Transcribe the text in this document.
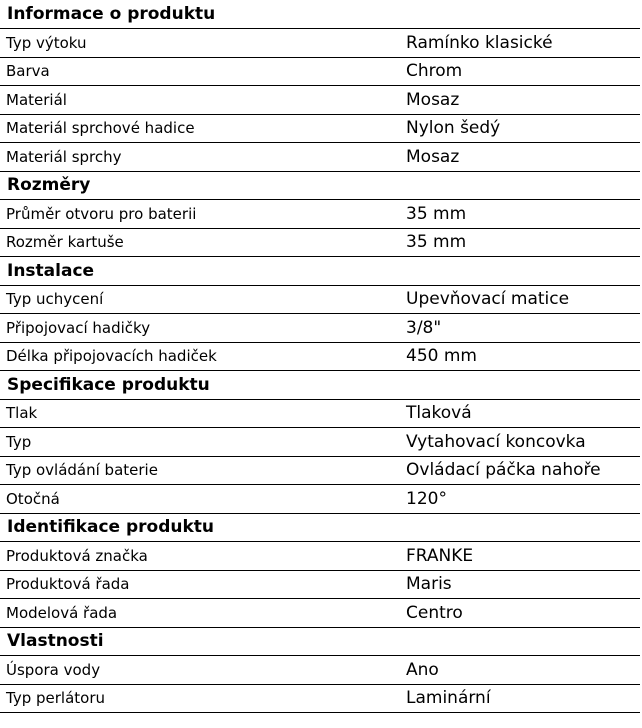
Informace o produktu	
Typ výtoku	Ramínko klasické
Barva	Chrom
Materiál	Mosaz
Materiál sprchové hadice	Nylon šedý
Materiál sprchy	Mosaz
Rozměry	
Průměr otvoru pro baterii	35 mm
Rozměr kartuše	35 mm
Instalace	
Typ uchycení	Upevňovací matice
Připojovací hadičky	3/8"
Délka připojovacích hadiček	450 mm
Specifikace produktu	
Tlak	Tlaková
Typ	Vytahovací koncovka
Typ ovládání baterie	Ovládací páčka nahoře
Otočná	120°
Identifikace produktu	
Produktová značka	FRANKE
Produktová řada	Maris
Modelová řada	Centro
Vlastnosti	
Úspora vody	Ano
Typ perlátoru	Laminární
